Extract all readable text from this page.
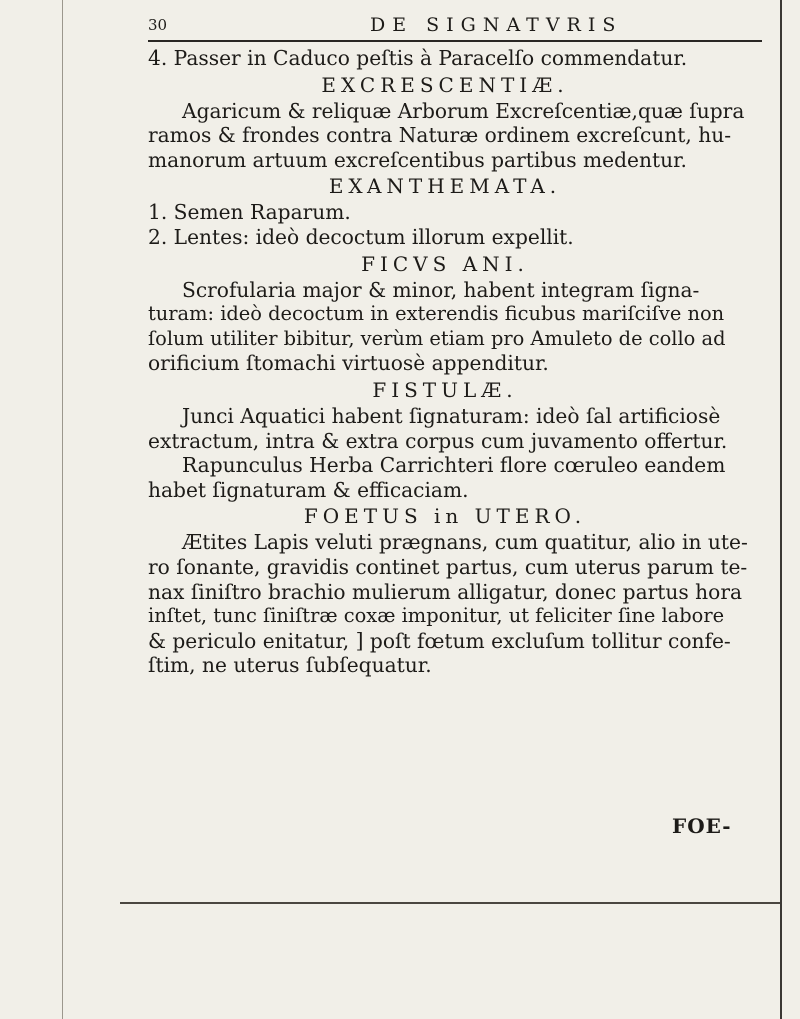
30	DE SIGNATVRIS

4. Passer in Caduco peſtis à Paracelſo commendatur.

EXCRESCENTIÆ.

Agaricum & reliquæ Arborum Excreſcentiæ,quæ ſupra

ramos & frondes contra Naturæ ordinem excreſcunt, hu-

manorum artuum excreſcentibus partibus medentur.

EXANTHEMATA.

1. Semen Raparum.

2. Lentes: ideò decoctum illorum expellit.

FICVS ANI.

Scrofularia major & minor, habent integram ſigna-

turam: ideò decoctum in exterendis ficubus mariſciſve non

ſolum utiliter bibitur, verùm etiam pro Amuleto de collo ad

orificium ſtomachi virtuosè appenditur.

FISTULÆ.

Junci Aquatici habent ſignaturam: ideò ſal artificiosè

extractum, intra & extra corpus cum juvamento offertur.

Rapunculus Herba Carrichteri flore cœruleo eandem

habet ſignaturam & efficaciam.

FOETUS in UTERO.

Ætites Lapis veluti prægnans, cum quatitur, alio in ute-

ro ſonante, gravidis continet partus, cum uterus parum te-

nax ſiniſtro brachio mulierum alligatur, donec partus hora

inſtet, tunc ſiniſtræ coxæ imponitur, ut feliciter ſine labore

& periculo enitatur, ] poſt fœtum excluſum tollitur confe-

ſtim, ne uterus ſubſequatur.

FOE-
